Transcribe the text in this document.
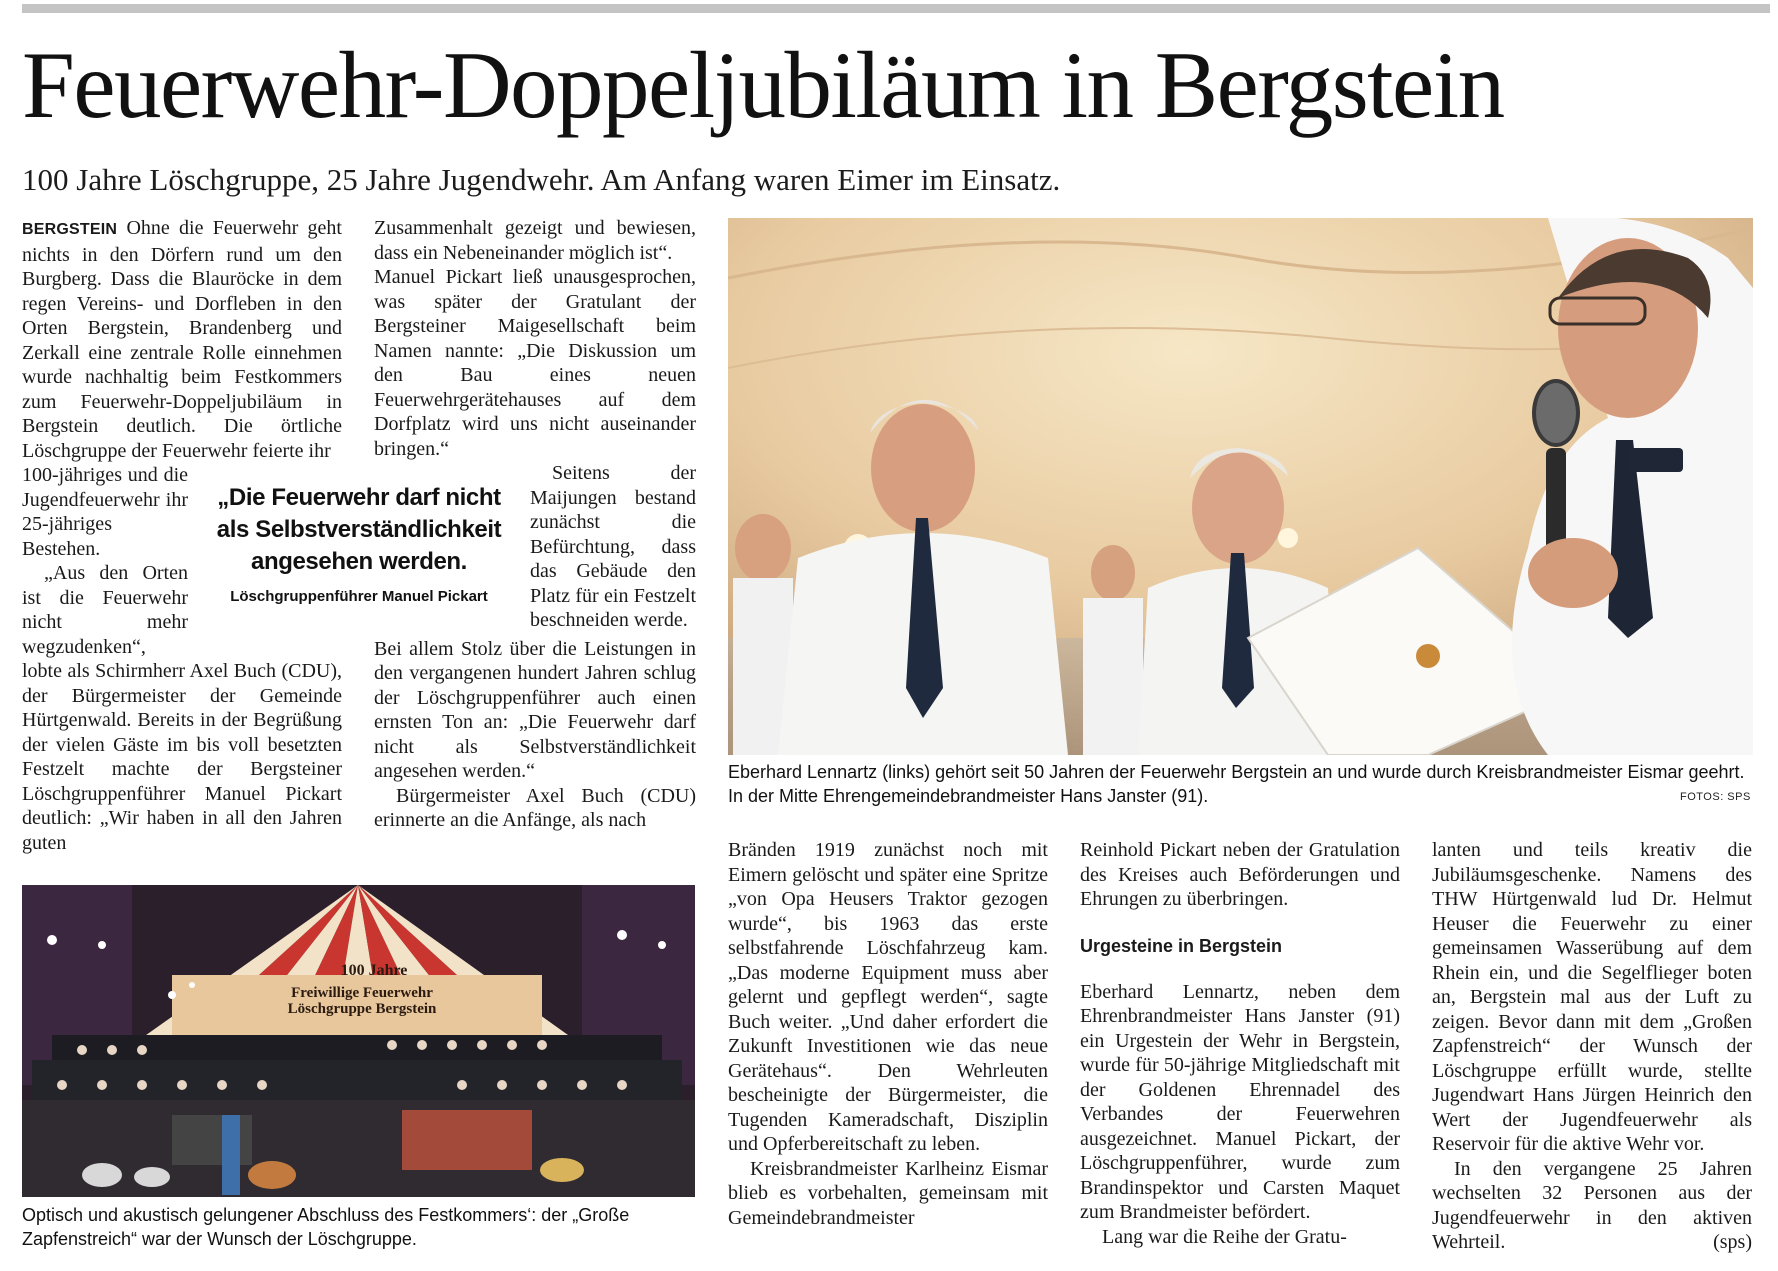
Feuerwehr-Doppeljubiläum in Bergstein
100 Jahre Löschgruppe, 25 Jahre Jugendwehr. Am Anfang waren Eimer im Einsatz.

BERGSTEIN Ohne die Feuerwehr geht nichts in den Dörfern rund um den Burgberg. Dass die Blauröcke in dem regen Vereins- und Dorfleben in den Orten Bergstein, Brandenberg und Zerkall eine zentrale Rolle einnehmen wurde nachhaltig beim Festkommers zum Feuerwehr-Doppeljubiläum in Bergstein deutlich. Die örtliche Löschgruppe der Feuerwehr feierte ihr

100-jähriges und die Jugendfeuerwehr ihr 25-jähriges Bestehen.

„Aus den Orten ist die Feuerwehr nicht mehr wegzudenken“,

lobte als Schirmherr Axel Buch (CDU), der Bürgermeister der Gemeinde Hürtgenwald. Bereits in der Begrüßung der vielen Gäste im bis voll besetzten Festzelt machte der Bergsteiner Löschgruppenführer Manuel Pickart deutlich: „Wir haben in all den Jahren guten

Zusammenhalt gezeigt und bewiesen, dass ein Nebeneinander möglich ist“.

Manuel Pickart ließ unausgesprochen, was später der Gratulant der Bergsteiner Maigesellschaft beim Namen nannte: „Die Diskussion um den Bau eines neuen Feuerwehrgerätehauses auf dem Dorfplatz wird uns nicht auseinander bringen.“

Seitens der Maijungen bestand zunächst die Befürchtung, dass das Gebäude den Platz für ein Festzelt beschneiden werde.

Bei allem Stolz über die Leistungen in den vergangenen hundert Jahren schlug der Löschgruppenführer auch einen ernsten Ton an: „Die Feuerwehr darf nicht als Selbstverständlichkeit angesehen werden.“

Bürgermeister Axel Buch (CDU) erinnerte an die Anfänge, als nach

„Die Feuerwehr darf nicht als Selbstverständlichkeit angesehen werden.
Löschgruppenführer Manuel Pickart
Eberhard Lennartz (links) gehört seit 50 Jahren der Feuerwehr Bergstein an und wurde durch Kreisbrandmeister Eismar geehrt. In der Mitte Ehrengemeindebrandmeister Hans Janster (91).	FOTOS: SPS
100 Jahre
Freiwillige Feuerwehr
Löschgruppe Bergstein
Optisch und akustisch gelungener Abschluss des Festkommers‘: der „Große Zapfenstreich“ war der Wunsch der Löschgruppe.

Bränden 1919 zunächst noch mit Eimern gelöscht und später eine Spritze „von Opa Heusers Traktor gezogen wurde“, bis 1963 das erste selbstfahrende Löschfahrzeug kam. „Das moderne Equipment muss aber gelernt und gepflegt werden“, sagte Buch weiter. „Und daher erfordert die Zukunft Investitionen wie das neue Gerätehaus“. Den Wehrleuten bescheinigte der Bürgermeister, die Tugenden Kameradschaft, Disziplin und Opferbereitschaft zu leben.

Kreisbrandmeister Karlheinz Eismar blieb es vorbehalten, gemeinsam mit Gemeindebrandmeister

Reinhold Pickart neben der Gratulation des Kreises auch Beförderungen und Ehrungen zu überbringen.

Urgesteine in Bergstein

Eberhard Lennartz, neben dem Ehrenbrandmeister Hans Janster (91) ein Urgestein der Wehr in Bergstein, wurde für 50-jährige Mitgliedschaft mit der Goldenen Ehrennadel des Verbandes der Feuerwehren ausgezeichnet. Manuel Pickart, der Löschgruppenführer, wurde zum Brandinspektor und Carsten Maquet zum Brandmeister befördert.

Lang war die Reihe der Gratu-

lanten und teils kreativ die Jubiläumsgeschenke. Namens des THW Hürtgenwald lud Dr. Helmut Heuser die Feuerwehr zu einer gemeinsamen Wasserübung auf dem Rhein ein, und die Segelflieger boten an, Bergstein mal aus der Luft zu zeigen. Bevor dann mit dem „Großen Zapfenstreich“ der Wunsch der Löschgruppe erfüllt wurde, stellte Jugendwart Hans Jürgen Heinrich den Wert der Jugendfeuerwehr als Reservoir für die aktive Wehr vor.

In den vergangene 25 Jahren wechselten 32 Personen aus der Jugendfeuerwehr in den aktiven Wehrteil.	(sps)
